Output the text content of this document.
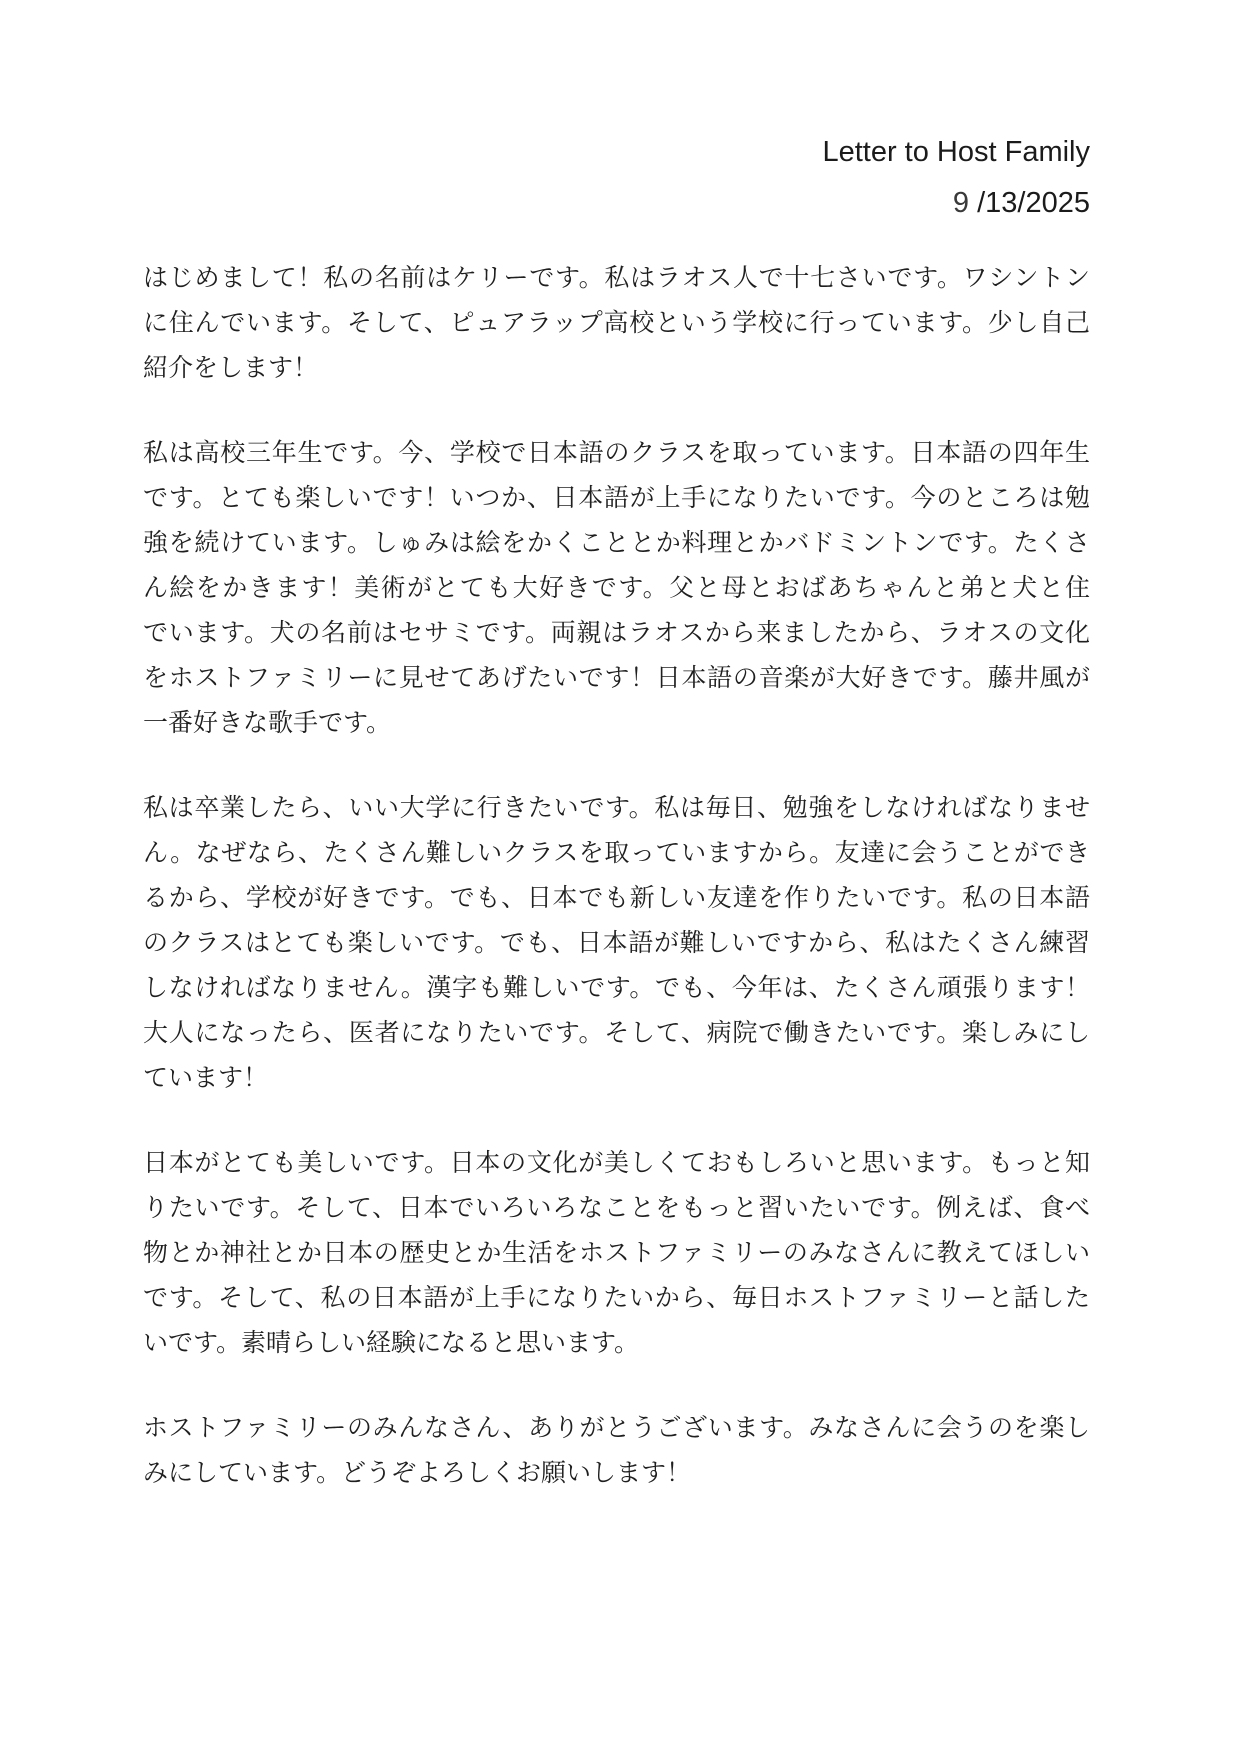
Letter to Host Family
9 /13/2025
はじめまして！私の名前はケリーです。私はラオス人で十七さいです。ワシントン
に住んでいます。そして、ピュアラップ高校という学校に行っています。少し自己
紹介をします！
私は高校三年生です。今、学校で日本語のクラスを取っています。日本語の四年生
です。とても楽しいです！いつか、日本語が上手になりたいです。今のところは勉
強を続けています。しゅみは絵をかくこととか料理とかバドミントンです。たくさ
ん絵をかきます！美術がとても大好きです。父と母とおばあちゃんと弟と犬と住
でいます。犬の名前はセサミです。両親はラオスから来ましたから、ラオスの文化
をホストファミリーに見せてあげたいです！日本語の音楽が大好きです。藤井風が
一番好きな歌手です。
私は卒業したら、いい大学に行きたいです。私は毎日、勉強をしなければなりませ
ん。なぜなら、たくさん難しいクラスを取っていますから。友達に会うことができ
るから、学校が好きです。でも、日本でも新しい友達を作りたいです。私の日本語
のクラスはとても楽しいです。でも、日本語が難しいですから、私はたくさん練習
しなければなりません。漢字も難しいです。でも、今年は、たくさん頑張ります！
大人になったら、医者になりたいです。そして、病院で働きたいです。楽しみにし
ています！
日本がとても美しいです。日本の文化が美しくておもしろいと思います。もっと知
りたいです。そして、日本でいろいろなことをもっと習いたいです。例えば、食べ
物とか神社とか日本の歴史とか生活をホストファミリーのみなさんに教えてほしい
です。そして、私の日本語が上手になりたいから、毎日ホストファミリーと話した
いです。素晴らしい経験になると思います。
ホストファミリーのみんなさん、ありがとうございます。みなさんに会うのを楽し
みにしています。どうぞよろしくお願いします！
